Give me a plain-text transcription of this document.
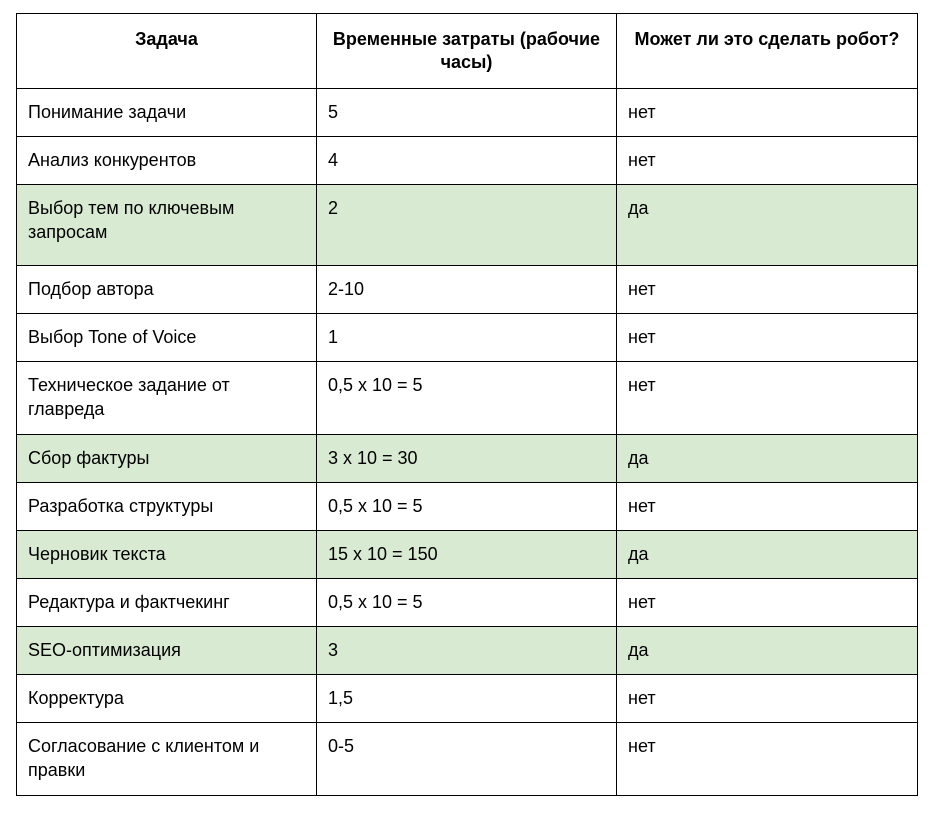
Задача	Временные затраты (рабочие часы)	Может ли это сделать робот?
Понимание задачи	5	нет
Анализ конкурентов	4	нет
Выбор тем по ключевым запросам	2	да
Подбор автора	2-10	нет
Выбор Tone of Voice	1	нет
Техническое задание от главреда	0,5 x 10 = 5	нет
Сбор фактуры	3 x 10 = 30	да
Разработка структуры	0,5 x 10 = 5	нет
Черновик текста	15 x 10 = 150	да
Редактура и фактчекинг	0,5 x 10 = 5	нет
SEO-оптимизация	3	да
Корректура	1,5	нет
Согласование с клиентом и правки	0-5	нет
